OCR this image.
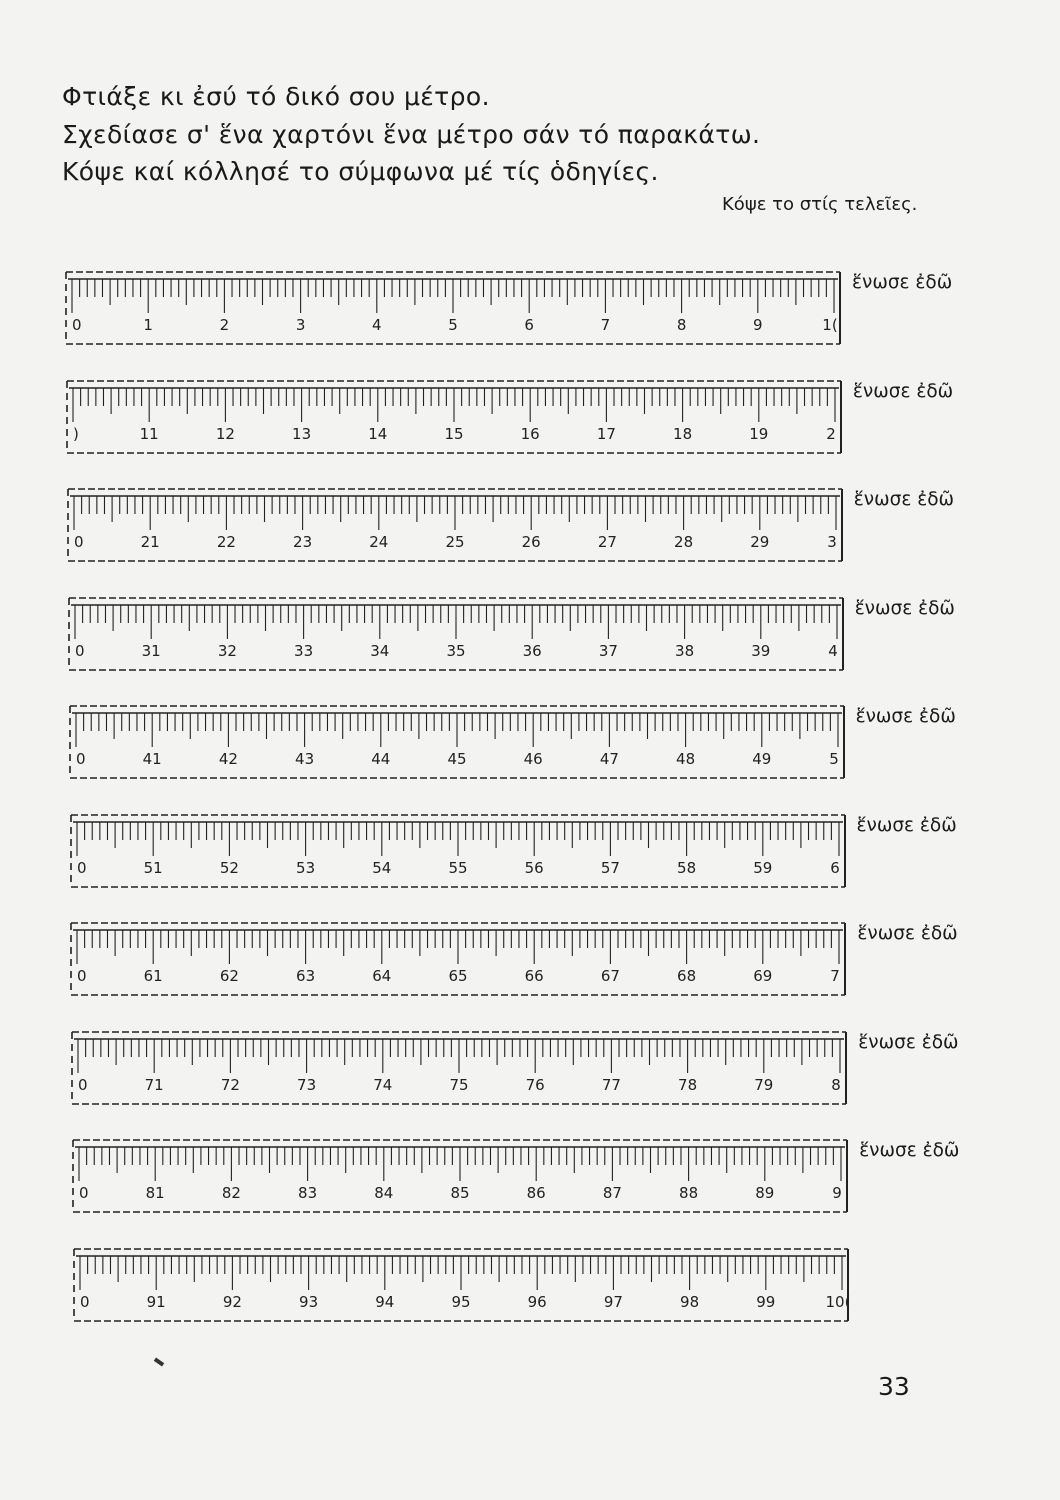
Φτιάξε κι ἐσύ τό δικό σου μέτρο.

Σχεδίασε σ' ἕνα χαρτόνι ἕνα μέτρο σάν τό παρακάτω.

Κόψε καί κόλλησέ το σύμφωνα μέ τίς ὁδηγίες.

Κόψε το στίς τελεῖες.
0	1	2	3	4	5	6	7	8	9	1(
ἕνωσε ἐδῶ
)	11	12	13	14	15	16	17	18	19	2
ἕνωσε ἐδῶ
0	21	22	23	24	25	26	27	28	29	3
ἕνωσε ἐδῶ
0	31	32	33	34	35	36	37	38	39	4
ἕνωσε ἐδῶ
0	41	42	43	44	45	46	47	48	49	5
ἕνωσε ἐδῶ
0	51	52	53	54	55	56	57	58	59	6
ἕνωσε ἐδῶ
0	61	62	63	64	65	66	67	68	69	7
ἕνωσε ἐδῶ
0	71	72	73	74	75	76	77	78	79	8
ἕνωσε ἐδῶ
0	81	82	83	84	85	86	87	88	89	9
ἕνωσε ἐδῶ
0	91	92	93	94	95	96	97	98	99	10(
33
